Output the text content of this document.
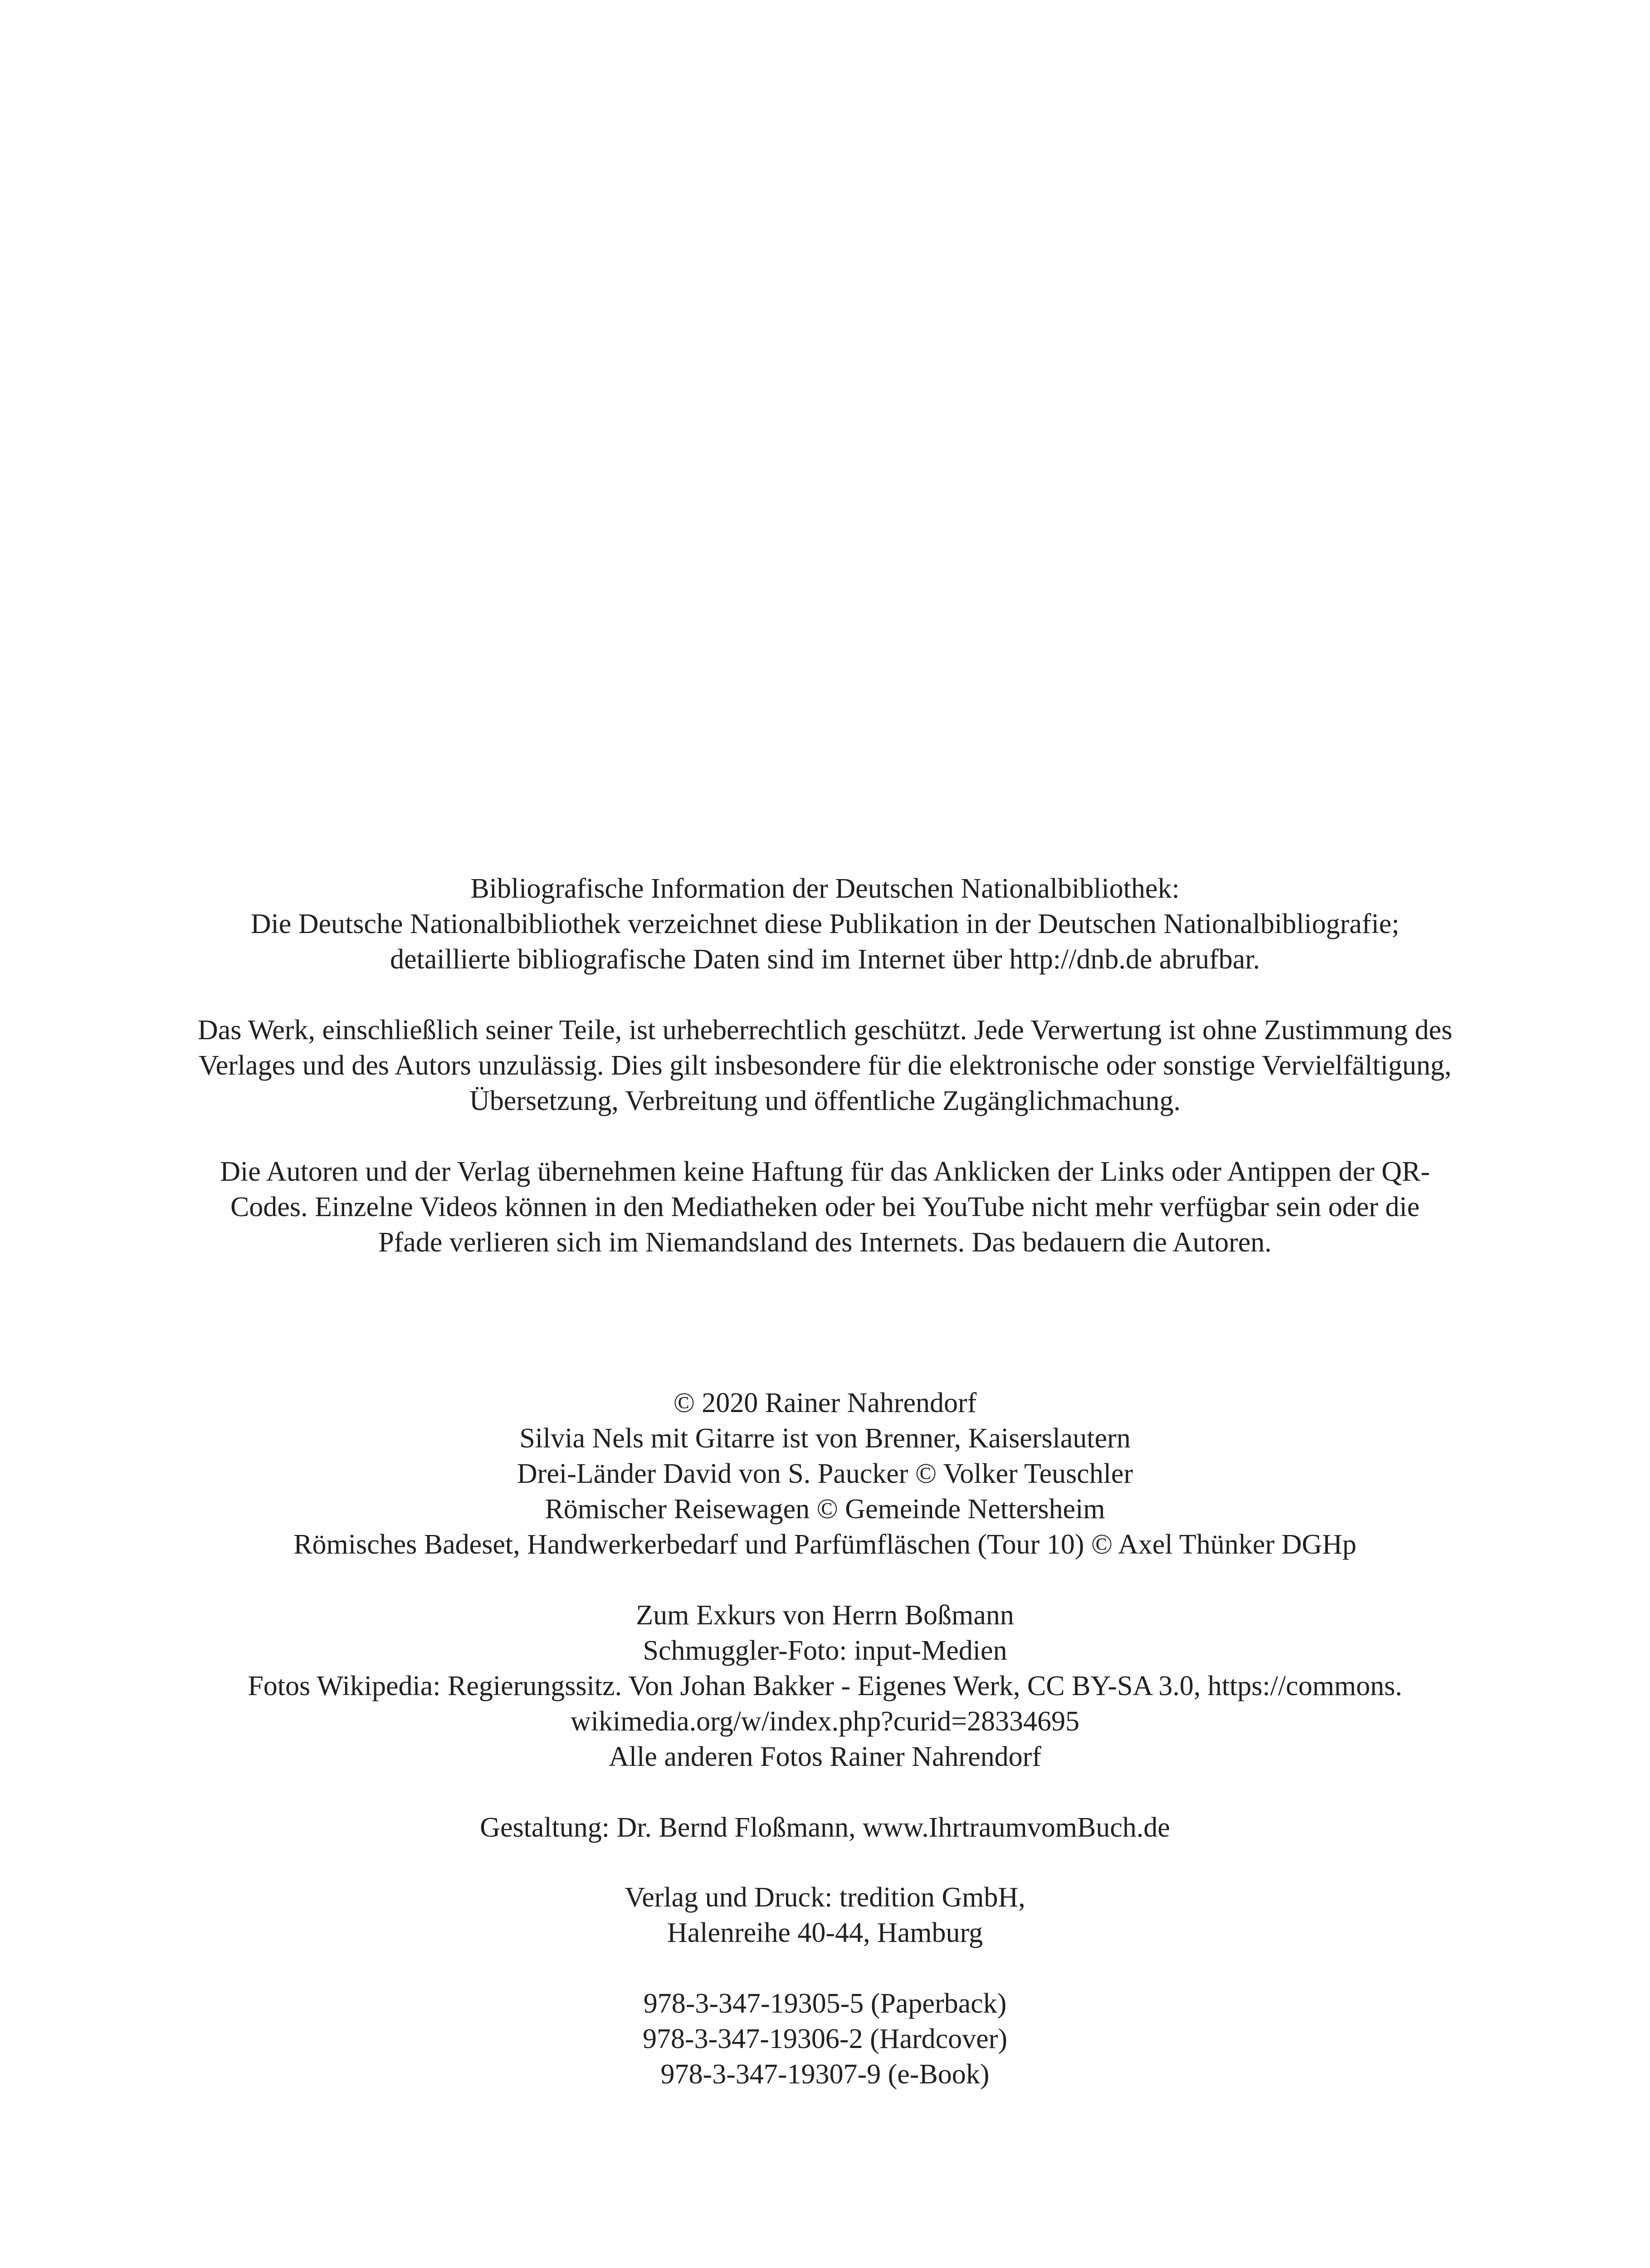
Bibliografische Information der Deutschen Nationalbibliothek:
Die Deutsche Nationalbibliothek verzeichnet diese Publikation in der Deutschen Nationalbibliografie;
detaillierte bibliografische Daten sind im Internet über http://dnb.de abrufbar.
Das Werk, einschließlich seiner Teile, ist urheberrechtlich geschützt. Jede Verwertung ist ohne Zustimmung des
Verlages und des Autors unzulässig. Dies gilt insbesondere für die elektronische oder sonstige Vervielfältigung,
Übersetzung, Verbreitung und öffentliche Zugänglichmachung.
Die Autoren und der Verlag übernehmen keine Haftung für das Anklicken der Links oder Antippen der QR-
Codes. Einzelne Videos können in den Mediatheken oder bei YouTube nicht mehr verfügbar sein oder die
Pfade verlieren sich im Niemandsland des Internets. Das bedauern die Autoren.
© 2020 Rainer Nahrendorf
Silvia Nels mit Gitarre ist von Brenner, Kaiserslautern
Drei-Länder David von S. Paucker © Volker Teuschler
Römischer Reisewagen © Gemeinde Nettersheim
Römisches Badeset, Handwerkerbedarf und Parfümfläschen (Tour 10) © Axel Thünker DGHp
Zum Exkurs von Herrn Boßmann
Schmuggler-Foto: input-Medien
Fotos Wikipedia: Regierungssitz. Von Johan Bakker - Eigenes Werk, CC BY-SA 3.0, https://commons.
wikimedia.org/w/index.php?curid=28334695
Alle anderen Fotos Rainer Nahrendorf
Gestaltung: Dr. Bernd Floßmann, www.IhrtraumvomBuch.de
Verlag und Druck: tredition GmbH,
Halenreihe 40-44, Hamburg
978-3-347-19305-5 (Paperback)
978-3-347-19306-2 (Hardcover)
978-3-347-19307-9 (e-Book)
